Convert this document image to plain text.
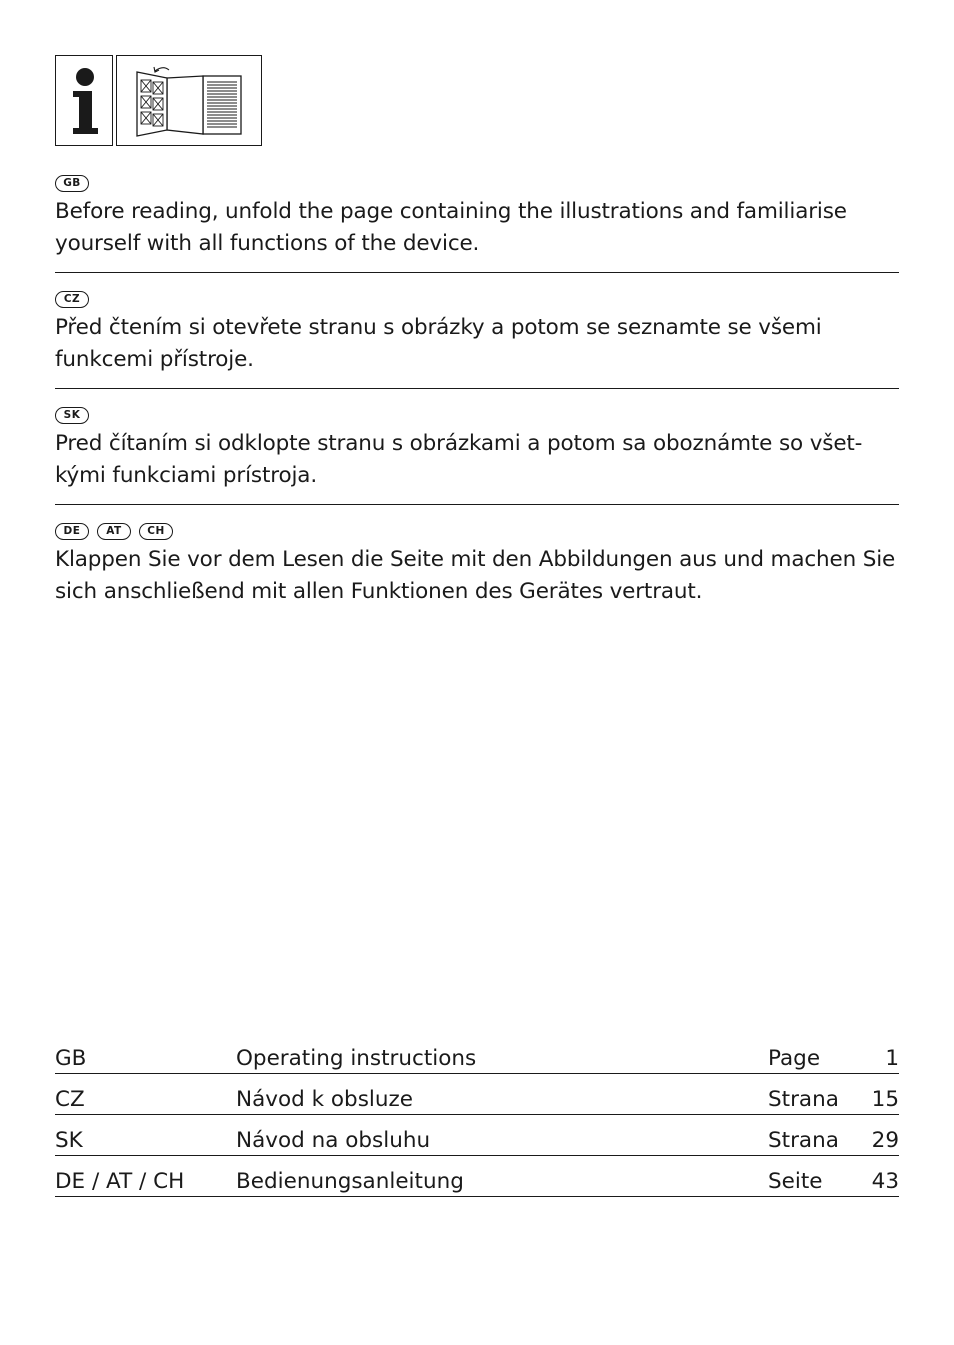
GB
Before reading, unfold the page containing the illustrations and familiarise yourself with all functions of the device.
CZ
Před čtením si otevřete stranu s obrázky a potom se seznamte se všemi funkcemi přístroje.
SK
Pred čítaním si odklopte stranu s obrázkami a potom sa oboznámte so všet-kými funkciami prístroja.
DE	AT	CH
Klappen Sie vor dem Lesen die Seite mit den Abbildungen aus und machen Sie sich anschließend mit allen Funktionen des Gerätes vertraut.
GB	Operating instructions	Page	1
CZ	Návod k obsluze	Strana	15
SK	Návod na obsluhu	Strana	29
DE / AT / CH	Bedienungsanleitung	Seite	43
